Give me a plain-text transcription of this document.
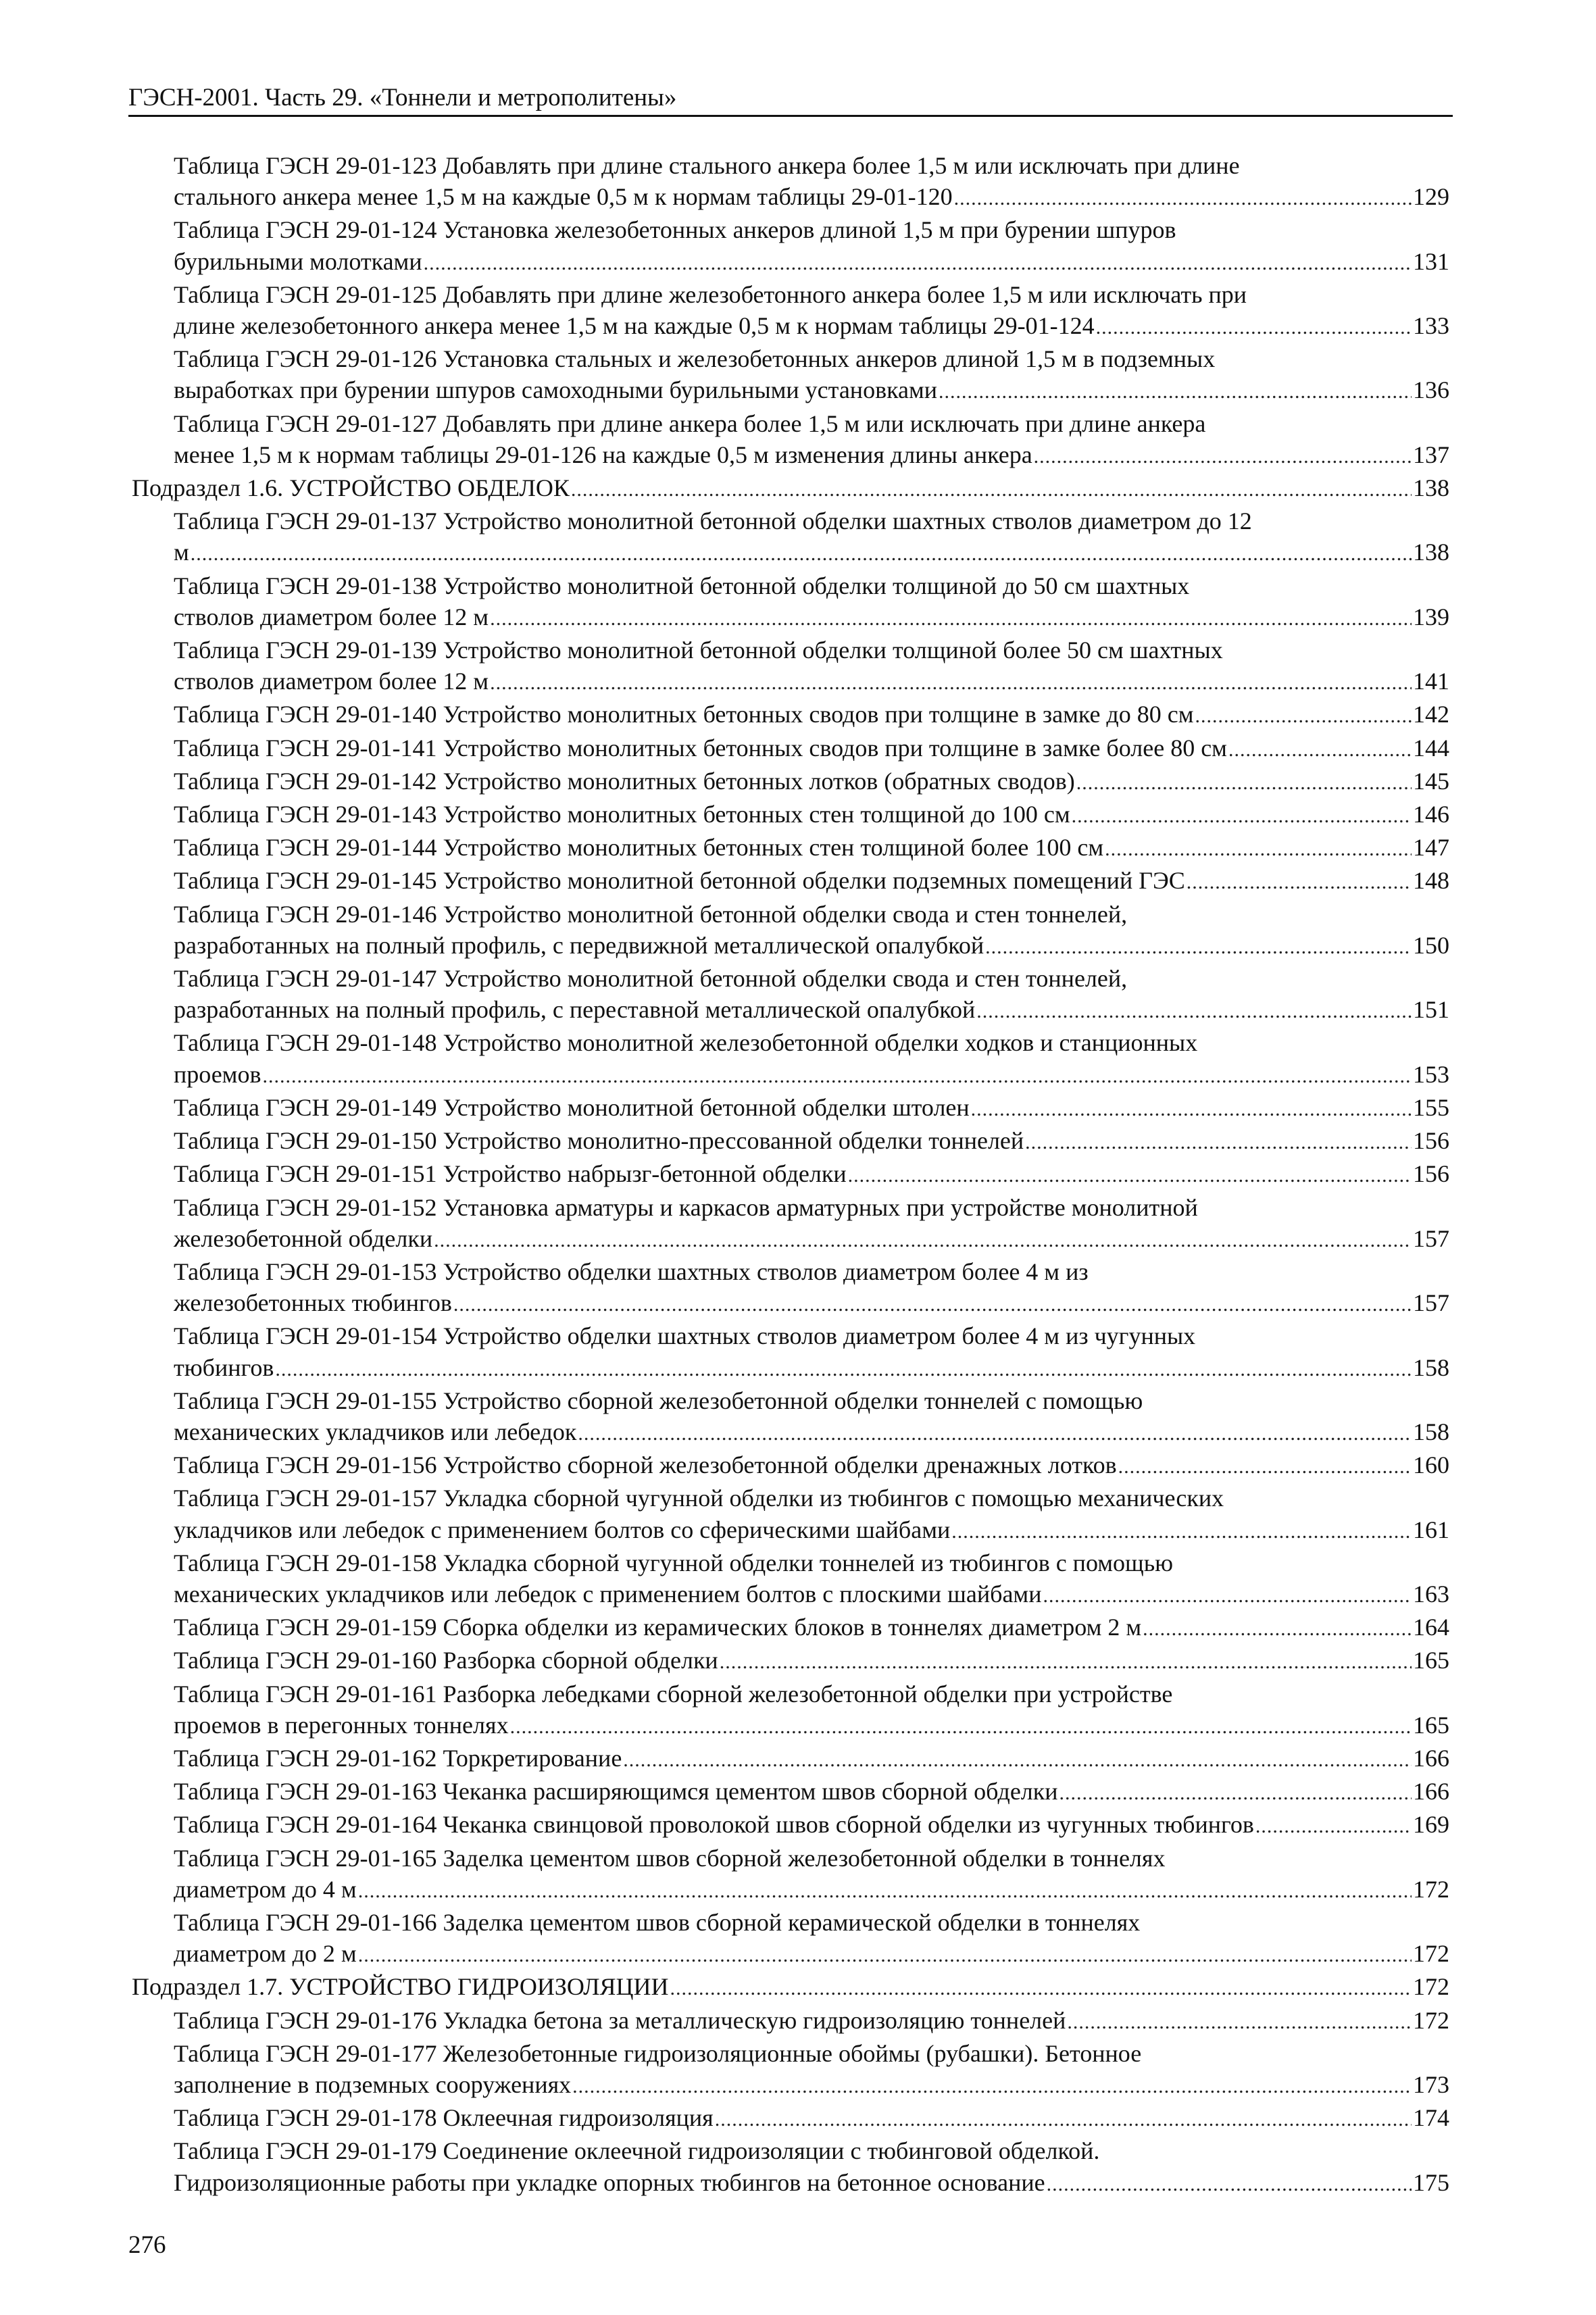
ГЭСН-2001. Часть 29. «Тоннели и метрополитены»
Таблица ГЭСН 29-01-123 Добавлять при длине стального анкера более 1,5 м или исключать при длине
стального анкера менее 1,5 м на каждые 0,5 м к нормам таблицы 29-01-120 .....	129
Таблица ГЭСН 29-01-124 Установка железобетонных анкеров длиной 1,5 м при бурении шпуров
бурильными молотками .....	131
Таблица ГЭСН 29-01-125 Добавлять при длине железобетонного анкера более 1,5 м или исключать при
длине железобетонного анкера менее 1,5 м на каждые 0,5 м к нормам таблицы 29-01-124 .....	133
Таблица ГЭСН 29-01-126 Установка стальных и железобетонных анкеров длиной 1,5 м в подземных
выработках при бурении шпуров самоходными бурильными установками .....	136
Таблица ГЭСН 29-01-127 Добавлять при длине анкера более 1,5 м или исключать при длине анкера
менее 1,5 м к нормам таблицы 29-01-126 на каждые 0,5 м изменения длины анкера .....	137
Подраздел 1.6. УСТРОЙСТВО ОБДЕЛОК .....	138
Таблица ГЭСН 29-01-137 Устройство монолитной бетонной обделки шахтных стволов диаметром до 12
м .....	138
Таблица ГЭСН 29-01-138 Устройство монолитной бетонной обделки толщиной до 50 см шахтных
стволов диаметром более 12 м .....	139
Таблица ГЭСН 29-01-139 Устройство монолитной бетонной обделки толщиной более 50 см шахтных
стволов диаметром более 12 м .....	141
Таблица ГЭСН 29-01-140 Устройство монолитных бетонных сводов при толщине в замке до 80 см .....	142
Таблица ГЭСН 29-01-141 Устройство монолитных бетонных сводов при толщине в замке более 80 см .....	144
Таблица ГЭСН 29-01-142 Устройство монолитных бетонных лотков (обратных сводов) .....	145
Таблица ГЭСН 29-01-143 Устройство монолитных бетонных стен толщиной до 100 см .....	146
Таблица ГЭСН 29-01-144 Устройство монолитных бетонных стен толщиной более 100 см .....	147
Таблица ГЭСН 29-01-145 Устройство монолитной бетонной обделки подземных помещений ГЭС .....	148
Таблица ГЭСН 29-01-146 Устройство монолитной бетонной обделки свода и стен тоннелей,
разработанных на полный профиль, с передвижной металлической опалубкой .....	150
Таблица ГЭСН 29-01-147 Устройство монолитной бетонной обделки свода и стен тоннелей,
разработанных на полный профиль, с переставной металлической опалубкой .....	151
Таблица ГЭСН 29-01-148 Устройство монолитной железобетонной обделки ходков и станционных
проемов .....	153
Таблица ГЭСН 29-01-149 Устройство монолитной бетонной обделки штолен .....	155
Таблица ГЭСН 29-01-150 Устройство монолитно-прессованной обделки тоннелей .....	156
Таблица ГЭСН 29-01-151 Устройство набрызг-бетонной обделки .....	156
Таблица ГЭСН 29-01-152 Установка арматуры и каркасов арматурных при устройстве монолитной
железобетонной обделки .....	157
Таблица ГЭСН 29-01-153 Устройство обделки шахтных стволов диаметром более 4 м из
железобетонных тюбингов .....	157
Таблица ГЭСН 29-01-154 Устройство обделки шахтных стволов диаметром более 4 м из чугунных
тюбингов .....	158
Таблица ГЭСН 29-01-155 Устройство сборной железобетонной обделки тоннелей с помощью
механических укладчиков или лебедок .....	158
Таблица ГЭСН 29-01-156 Устройство сборной железобетонной обделки дренажных лотков .....	160
Таблица ГЭСН 29-01-157 Укладка сборной чугунной обделки из тюбингов с помощью механических
укладчиков или лебедок с применением болтов со сферическими шайбами .....	161
Таблица ГЭСН 29-01-158 Укладка сборной чугунной обделки тоннелей из тюбингов с помощью
механических укладчиков или лебедок с применением болтов с плоскими шайбами .....	163
Таблица ГЭСН 29-01-159 Сборка обделки из керамических блоков в тоннелях диаметром 2 м .....	164
Таблица ГЭСН 29-01-160 Разборка сборной обделки .....	165
Таблица ГЭСН 29-01-161 Разборка лебедками сборной железобетонной обделки при устройстве
проемов в перегонных тоннелях .....	165
Таблица ГЭСН 29-01-162 Торкретирование .....	166
Таблица ГЭСН 29-01-163 Чеканка расширяющимся цементом швов сборной обделки .....	166
Таблица ГЭСН 29-01-164 Чеканка свинцовой проволокой швов сборной обделки из чугунных тюбингов .....	169
Таблица ГЭСН 29-01-165 Заделка цементом швов сборной железобетонной обделки в тоннелях
диаметром до 4 м .....	172
Таблица ГЭСН 29-01-166 Заделка цементом швов сборной керамической обделки в тоннелях
диаметром до 2 м .....	172
Подраздел 1.7. УСТРОЙСТВО ГИДРОИЗОЛЯЦИИ .....	172
Таблица ГЭСН 29-01-176 Укладка бетона за металлическую гидроизоляцию тоннелей .....	172
Таблица ГЭСН 29-01-177 Железобетонные гидроизоляционные обоймы (рубашки). Бетонное
заполнение в подземных сооружениях .....	173
Таблица ГЭСН 29-01-178 Оклеечная гидроизоляция .....	174
Таблица ГЭСН 29-01-179 Соединение оклеечной гидроизоляции с тюбинговой обделкой.
Гидроизоляционные работы при укладке опорных тюбингов на бетонное основание .....	175
276
